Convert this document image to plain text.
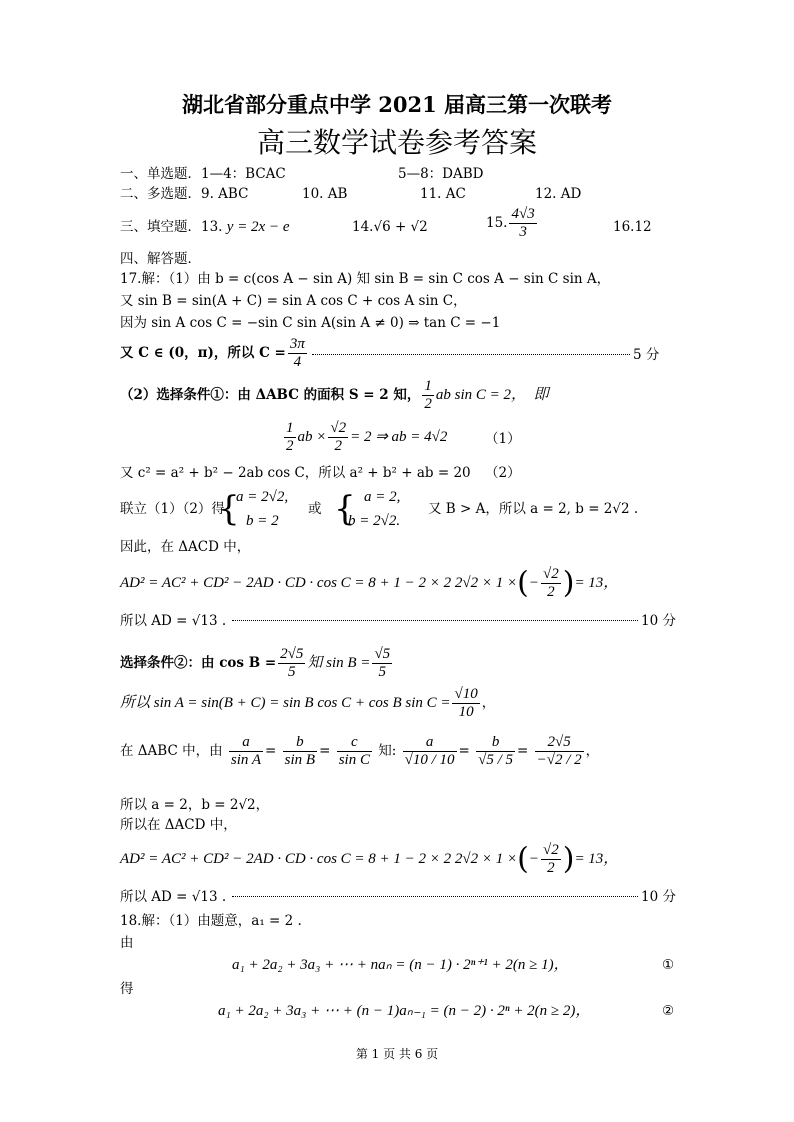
湖北省部分重点中学 2021 届高三第一次联考
高三数学试卷参考答案
一、单选题．1—4：BCAC	5—8：DABD
二、多选题．9. ABC	10. AB	11. AC	12. AD
三、填空题．13. y = 2x − e	14.√6 + √2	15. $\frac{4√3}{3}$	16.12
四、解答题．
17.解：（1）由 b = c(cos A − sin A) 知 sin B = sin C cos A − sin C sin A，
又 sin B = sin(A + C) = sin A cos C + cos A sin C，
因为 sin A cos C = −sin C sin A(sin A ≠ 0) ⇒ tan C = −1
又 C ∈ (0，π)，所以 $C = \frac{3\pi}{4}$	5 分
（2）选择条件①：由 ΔABC 的面积 S = 2 知， $\frac{1}{2}$ ab sin C = 2，　即
$\frac{1}{2}$ ab × $\frac{√2}{2} = 2$ ⇒ ab = 4√2	（1）
又 c² = a² + b² − 2ab cos C，所以 a² + b² + ab = 20 （2）
联立（1）（2）得
{
a = 2√2,
b = 2
或 { a = 2,
b = 2√2.
又 B > A，所以 a = 2, b = 2√2 .
因此，在 ΔACD 中，
AD² = AC² + CD² − 2AD · CD · cos C = 8 + 1 − 2 × 2 2√2 × 1 ×(− $\frac{√2}{2}$ )= 13，
所以 AD = √13 .	10 分
选择条件②：由 $\cos B = \frac{2√5}{5}$ 知 $\sin B = \frac{√5}{5}$
所以 sin A = sin(B + C) = sin B cos C + cos B $\sin C = \frac{√10}{10}$ ，
在 ΔABC 中，由 $\frac{a}{\text{sin A}} = \frac{b}{\text{sin B}} = \frac{c}{\text{sin C}}$ 知: $\frac{a}{√10 / 10} = \frac{b}{√5 / 5} = \frac{2√5}{-√2 / 2}$ ，
所以 a = 2，b = 2√2，
所以在 ΔACD 中，
AD² = AC² + CD² − 2AD · CD · cos C = 8 + 1 − 2 × 2 2√2 × 1 ×(− $\frac{√2}{2}$ )= 13，
所以 AD = √13 .	10 分
18.解：（1）由题意，a₁ = 2 .
由
a₁ + 2a₂ + 3a₃ + ⋯ + naₙ = (n − 1) · 2ⁿ⁺¹ + 2(n ≥ 1)，	①
得
a₁ + 2a₂ + 3a₃ + ⋯ + (n − 1)aₙ₋₁ = (n − 2) · 2ⁿ + 2(n ≥ 2)，	②
第 1 页 共 6 页
